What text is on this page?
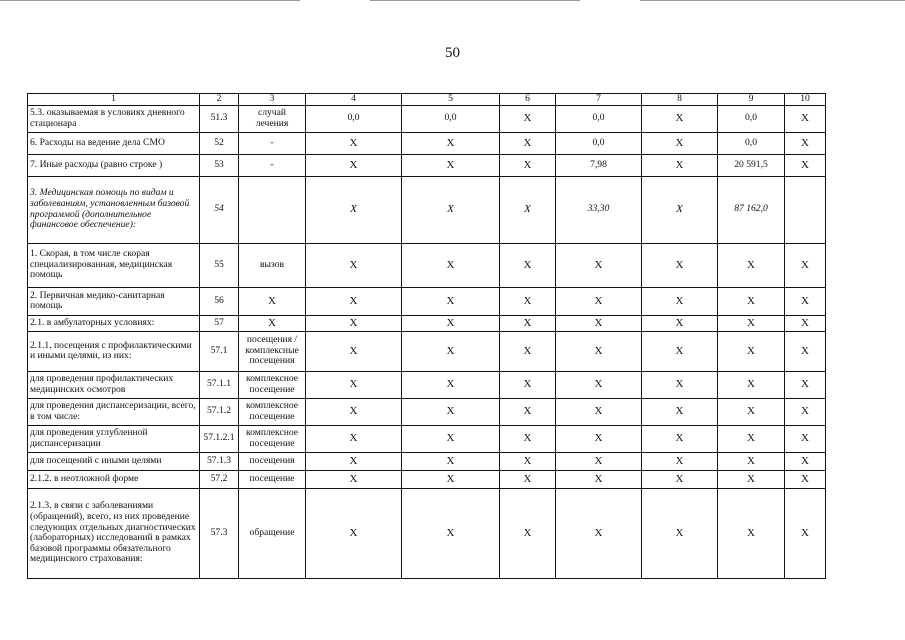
50
1	2	3	4	5	6	7	8	9	10
5.3. оказываемая в условиях дневного стационара	51.3	случай лечения	0,0	0,0	Х	0,0	Х	0,0	Х
6. Расходы на ведение дела СМО	52	-	Х	Х	Х	0,0	Х	0,0	Х
7. Иные расходы (равно строке )	53	-	Х	Х	Х	7,98	Х	20 591,5	Х
3. Медицинская помощь по видам и заболеваниям, установленным базовой программой (дополнительное финансовое обеспечение):	54		Х	Х	Х	33,30	Х	87 162,0	
1. Скорая, в том числе скорая специализированная, медицинская помощь	55	вызов	Х	Х	Х	Х	Х	Х	Х
2. Первичная медико-санитарная помощь	56	Х	Х	Х	Х	Х	Х	Х	Х
2.1. в амбулаторных условиях:	57	Х	Х	Х	Х	Х	Х	Х	Х
2.1.1. посещения с профилактическими и иными целями, из них:	57.1	посещения / комплексные посещения	Х	Х	Х	Х	Х	Х	Х
для проведения профилактических медицинских осмотров	57.1.1	комплексное посещение	Х	Х	Х	Х	Х	Х	Х
для проведения диспансеризации, всего, в том числе:	57.1.2	комплексное посещение	Х	Х	Х	Х	Х	Х	Х
для проведения углубленной диспансеризации	57.1.2.1	комплексное посещение	Х	Х	Х	Х	Х	Х	Х
для посещений с иными целями	57.1.3	посещения	Х	Х	Х	Х	Х	Х	Х
2.1.2. в неотложной форме	57.2	посещение	Х	Х	Х	Х	Х	Х	Х
2.1.3. в связи с заболеваниями (обращений), всего, из них проведение следующих отдельных диагностических (лабораторных) исследований в рамках базовой программы обязательного медицинского страхования:	57.3	обращение	Х	Х	Х	Х	Х	Х	Х
